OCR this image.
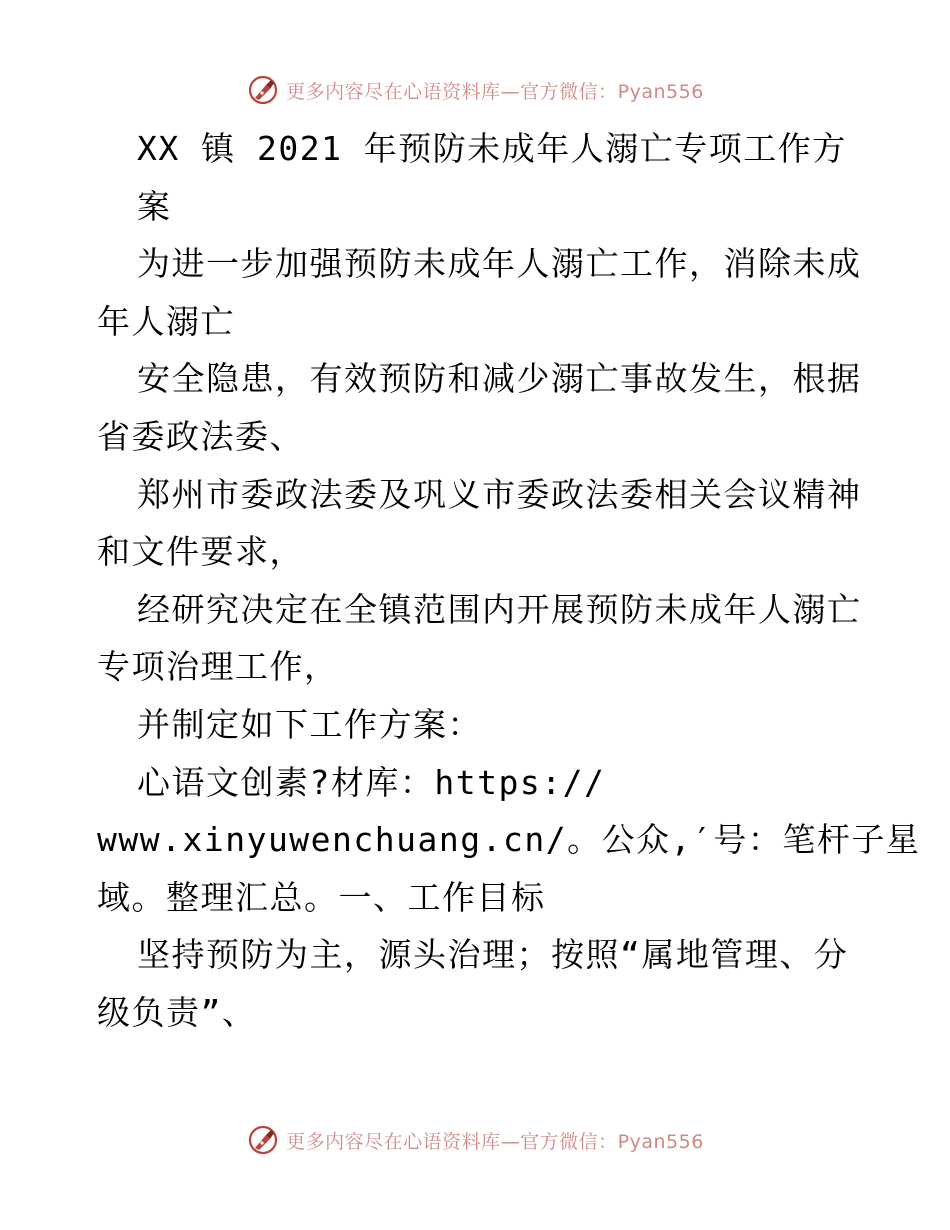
更多内容尽在心语资料库—官方微信：Pyan556
XX 镇 2021 年预防未成年人溺亡专项工作方
案
为进一步加强预防未成年人溺亡工作，消除未成
年人溺亡
安全隐患，有效预防和减少溺亡事故发生，根据
省委政法委、
郑州市委政法委及巩义市委政法委相关会议精神
和文件要求，
经研究决定在全镇范围内开展预防未成年人溺亡
专项治理工作，
并制定如下工作方案：
心语文创素?材库：https://
www.xinyuwenchuang.cn/。公众,′号：笔杆子星
域。整理汇总。一、工作目标
坚持预防为主，源头治理；按照“属地管理、分
级负责”、
更多内容尽在心语资料库—官方微信：Pyan556
